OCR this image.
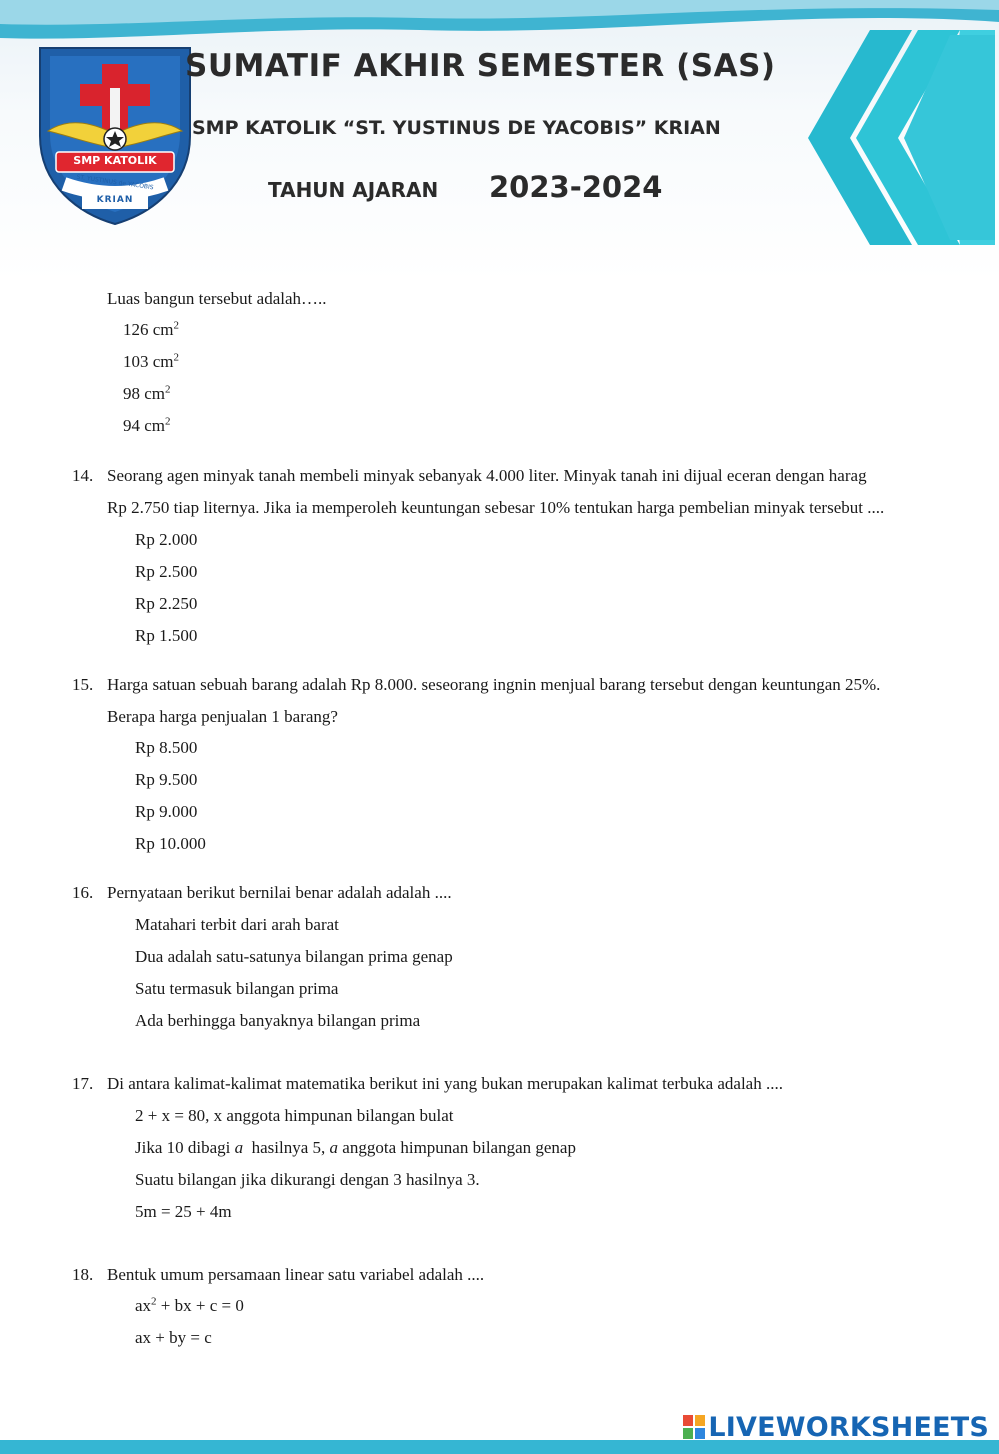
SMP KATOLIK
ST. YUSTINUS de YACOBIS
KRIAN
SUMATIF AKHIR SEMESTER (SAS)
SMP KATOLIK “ST. YUSTINUS DE YACOBIS” KRIAN
TAHUN AJARAN 2023-2024
Luas bangun tersebut adalah…..
126 $cm^2$
103 $cm^2$
98 $cm^2$
94 $cm^2$
14. Seorang agen minyak tanah membeli minyak sebanyak 4.000 liter. Minyak tanah ini dijual eceran dengan harag
Rp 2.750 tiap liternya. Jika ia memperoleh keuntungan sebesar 10% tentukan harga pembelian minyak tersebut ....
Rp 2.000
Rp 2.500
Rp 2.250
Rp 1.500
15. Harga satuan sebuah barang adalah Rp 8.000. seseorang ingnin menjual barang tersebut dengan keuntungan 25%.
Berapa harga penjualan 1 barang?
Rp 8.500
Rp 9.500
Rp 9.000
Rp 10.000
16. Pernyataan berikut bernilai benar adalah adalah ....
Matahari terbit dari arah barat
Dua adalah satu-satunya bilangan prima genap
Satu termasuk bilangan prima
Ada berhingga banyaknya bilangan prima
17. Di antara kalimat-kalimat matematika berikut ini yang bukan merupakan kalimat terbuka adalah ....
2 + x = 80, x anggota himpunan bilangan bulat
Jika 10 dibagi a  hasilnya 5, a anggota himpunan bilangan genap
Suatu bilangan jika dikurangi dengan 3 hasilnya 3.
5m = 25 + 4m
18. Bentuk umum persamaan linear satu variabel adalah ....
$ax^2$ + bx + c = 0
ax + by = c
LIVEWORKSHEETS
